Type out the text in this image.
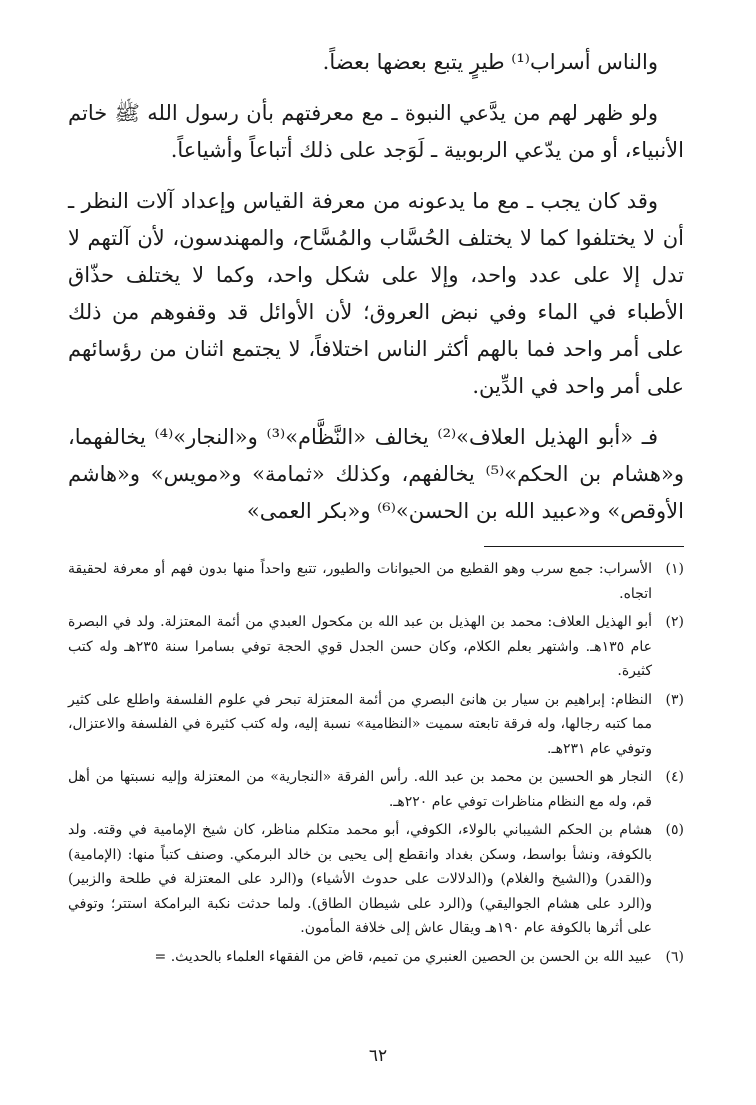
والناس أسراب⁽¹⁾ طيرٍ يتبع بعضها بعضاً.

ولو ظهر لهم من يدَّعي النبوة ـ مع معرفتهم بأن رسول الله ﷺ خاتم الأنبياء، أو من يدّعي الربوبية ـ لَوَجد على ذلك أتباعاً وأشياعاً.

وقد كان يجب ـ مع ما يدعونه من معرفة القياس وإعداد آلات النظر ـ أن لا يختلفوا كما لا يختلف الحُسَّاب والمُسَّاح، والمهندسون، لأن آلتهم لا تدل إلا على عدد واحد، وإلا على شكل واحد، وكما لا يختلف حذّاق الأطباء في الماء وفي نبض العروق؛ لأن الأوائل قد وقفوهم من ذلك على أمر واحد فما بالهم أكثر الناس اختلافاً، لا يجتمع اثنان من رؤسائهم على أمر واحد في الدِّين.

فـ «أبو الهذيل العلاف»⁽²⁾ يخالف «النَّظَّام»⁽³⁾ و«النجار»⁽⁴⁾ يخالفهما، و«هشام بن الحكم»⁽⁵⁾ يخالفهم، وكذلك «ثمامة» و«مويس» و«هاشم الأوقص» و«عبيد الله بن الحسن»⁽⁶⁾ و«بكر العمى»

(١)
الأسراب: جمع سرب وهو القطيع من الحيوانات والطيور، تتبع واحداً منها بدون فهم أو معرفة لحقيقة اتجاه.
(٢)
أبو الهذيل العلاف: محمد بن الهذيل بن عبد الله بن مكحول العبدي من أئمة المعتزلة. ولد في البصرة عام ١٣٥هـ. واشتهر بعلم الكلام، وكان حسن الجدل قوي الحجة توفي بسامرا سنة ٢٣٥هـ وله كتب كثيرة.
(٣)
النظام: إبراهيم بن سيار بن هانئ البصري من أئمة المعتزلة تبحر في علوم الفلسفة واطلع على كثير مما كتبه رجالها، وله فرقة تابعته سميت «النظامية» نسبة إليه، وله كتب كثيرة في الفلسفة والاعتزال، وتوفي عام ٢٣١هـ.
(٤)
النجار هو الحسين بن محمد بن عبد الله. رأس الفرقة «النجارية» من المعتزلة وإليه نسبتها من أهل قم، وله مع النظام مناظرات توفي عام ٢٢٠هـ.
(٥)
هشام بن الحكم الشيباني بالولاء، الكوفي، أبو محمد متكلم مناظر، كان شيخ الإمامية في وقته. ولد بالكوفة، ونشأ بواسط، وسكن بغداد وانقطع إلى يحيى بن خالد البرمكي. وصنف كتباً منها: (الإمامية) و(القدر) و(الشيخ والغلام) و(الدلالات على حدوث الأشياء) و(الرد على المعتزلة في طلحة والزبير) و(الرد على هشام الجواليقي) و(الرد على شيطان الطاق). ولما حدثت نكبة البرامكة استتر؛ وتوفي على أثرها بالكوفة عام ١٩٠هـ ويقال عاش إلى خلافة المأمون.
(٦)
عبيد الله بن الحسن بن الحصين العنبري من تميم، قاض من الفقهاء العلماء بالحديث. =
٦٢
